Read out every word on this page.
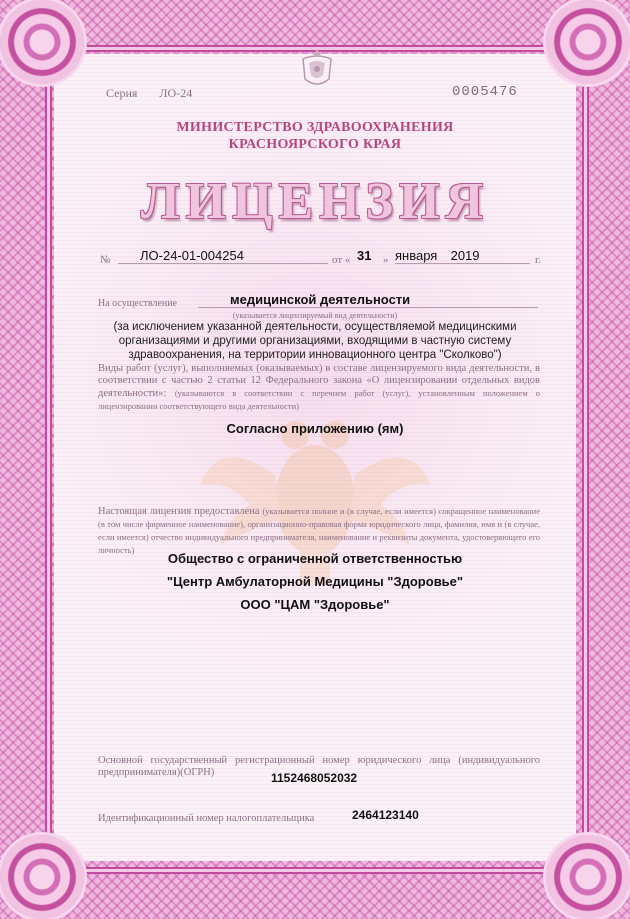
Серия ЛО-24	0005476
МИНИСТЕРСТВО ЗДРАВООХРАНЕНИЯ
КРАСНОЯРСКОГО КРАЯ
ЛИЦЕНЗИЯ
№	ЛО-24-01-004254	от « 31 » января 2019	г.
На осуществление	медицинской деятельности
(указывается лицензируемый вид деятельности)
(за исключением указанной деятельности, осуществляемой медицинскими организациями и другими организациями, входящими в частную систему здравоохранения, на территории инновационного центра "Сколково")
Виды работ (услуг), выполняемых (оказываемых) в составе лицензируемого вида деятельности, в соответствии с частью 2 статьи 12 Федерального закона «О лицензировании отдельных видов деятельности»: (указываются в соответствии с перечнем работ (услуг), установленным положением о лицензировании соответствующего вида деятельности)
Согласно приложению (ям)
Настоящая лицензия предоставлена (указывается полное и (в случае, если имеется) сокращенное наименование (в том числе фирменное наименование), организационно-правовая форма юридического лица, фамилия, имя и (в случае, если имеется) отчество индивидуального предпринимателя, наименование и реквизиты документа, удостоверяющего его личность)
Общество с ограниченной ответственностью
"Центр Амбулаторной Медицины "Здоровье"
ООО "ЦАМ "Здоровье"
Основной государственный регистрационный номер юридического лица (индивидуального предпринимателя)(ОГРН)	1152468052032
Идентификационный номер налогоплательщика	2464123140
